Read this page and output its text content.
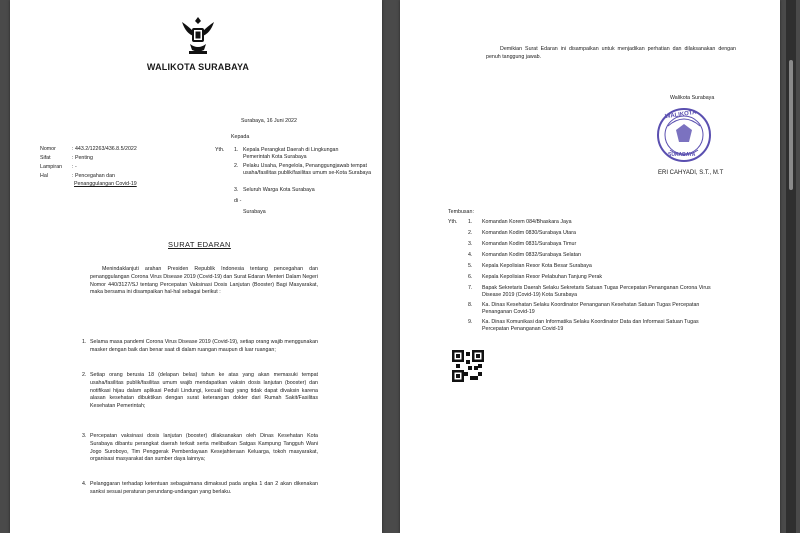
WALIKOTA SURABAYA
Surabaya, 16 Juni 2022
Kepada
Yth. 1. Kepala Perangkat Daerah di Lingkungan Pemerintah Kota Surabaya
2. Pelaku Usaha, Pengelola, Penanggungjawab tempat usaha/fasilitas publik/fasilitas umum se-Kota Surabaya
3. Seluruh Warga Kota Surabaya
di -
Surabaya
Nomor	: 443.2/12263/436.8.5/2022
Sifat	: Penting
Lampiran : -
Hal	: Pencegahan dan
Penanggulangan Covid-19
SURAT EDARAN
Menindaklanjuti arahan Presiden Republik Indonesia tentang pencegahan dan penanggulangan Corona Virus Disease 2019 (Covid-19) dan Surat Edaran Menteri Dalam Negeri Nomor 440/3127/SJ tentang Percepatan Vaksinasi Dosis Lanjutan (Booster) Bagi Masyarakat, maka bersama ini disampaikan hal-hal sebagai berikut :
1. Selama masa pandemi Corona Virus Disease 2019 (Covid-19), setiap orang wajib menggunakan masker dengan baik dan benar saat di dalam ruangan maupun di luar ruangan;
2. Setiap orang berusia 18 (delapan belas) tahun ke atas yang akan memasuki tempat usaha/fasilitas publik/fasilitas umum wajib mendapatkan vaksin dosis lanjutan (booster) dan notifikasi hijau dalam aplikasi Peduli Lindungi, kecuali bagi yang tidak dapat divaksin karena alasan kesehatan dibuktikan dengan surat keterangan dokter dari Rumah Sakit/Fasilitas Kesehatan Pemerintah;
3. Percepatan vaksinasi dosis lanjutan (booster) dilaksanakan oleh Dinas Kesehatan Kota Surabaya dibantu perangkat daerah terkait serta melibatkan Satgas Kampung Tangguh Wani Jogo Suroboyo, Tim Penggerak Pemberdayaan Kesejahteraan Keluarga, tokoh masyarakat, organisasi masyarakat dan sumber daya lainnya;
4. Pelanggaran terhadap ketentuan sebagaimana dimaksud pada angka 1 dan 2 akan dikenakan sanksi sesuai peraturan perundang-undangan yang berlaku.
Demikian Surat Edaran ini disampaikan untuk menjadikan perhatian dan dilaksanakan dengan penuh tanggung jawab.
Walikota Surabaya
WALIKOTA
SURABAYA
ERI CAHYADI, S.T., M.T
Tembusan:
Yth. 1. Komandan Korem 084/Bhaskara Jaya
2. Komandan Kodim 0830/Surabaya Utara
3. Komandan Kodim 0831/Surabaya Timur
4. Komandan Kodim 0832/Surabaya Selatan
5. Kepala Kepolisian Resor Kota Besar Surabaya
6. Kepala Kepolisian Resor Pelabuhan Tanjung Perak
7. Bapak Sekretaris Daerah Selaku Sekretaris Satuan Tugas Percepatan Penanganan Corona Virus Disease 2019 (Covid-19) Kota Surabaya
8. Ka. Dinas Kesehatan Selaku Koordinator Penanganan Kesehatan Satuan Tugas Percepatan Penanganan Covid-19
9. Ka. Dinas Komunikasi dan Informatika Selaku Koordinator Data dan Informasi Satuan Tugas Percepatan Penanganan Covid-19
